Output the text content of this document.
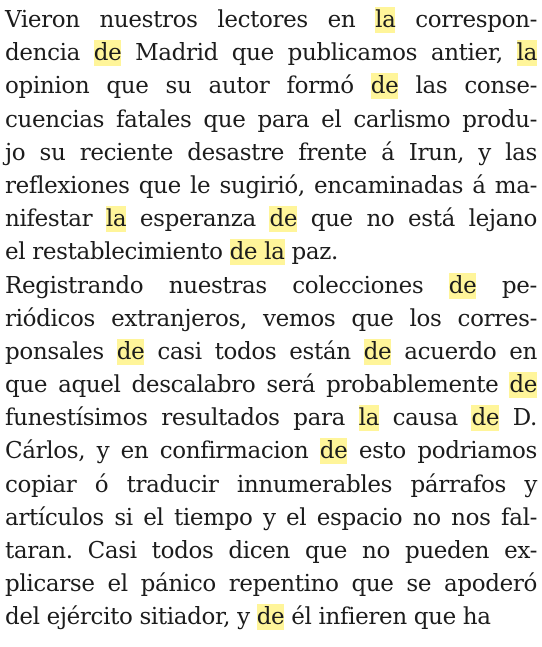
Vieron nuestros lectores en la correspon-
dencia de Madrid que publicamos antier, la
opinion que su autor formó de las conse-
cuencias fatales que para el carlismo produ-
jo su reciente desastre frente á Irun, y las
reflexiones que le sugirió, encaminadas á ma-
nifestar la esperanza de que no está lejano
el restablecimiento de la paz.
Registrando nuestras colecciones de pe-
riódicos extranjeros, vemos que los corres-
ponsales de casi todos están de acuerdo en
que aquel descalabro será probablemente de
funestísimos resultados para la causa de D.
Cárlos, y en confirmacion de esto podriamos
copiar ó traducir innumerables párrafos y
artículos si el tiempo y el espacio no nos fal-
taran. Casi todos dicen que no pueden ex-
plicarse el pánico repentino que se apoderó
del ejército sitiador, y de él infieren que ha
